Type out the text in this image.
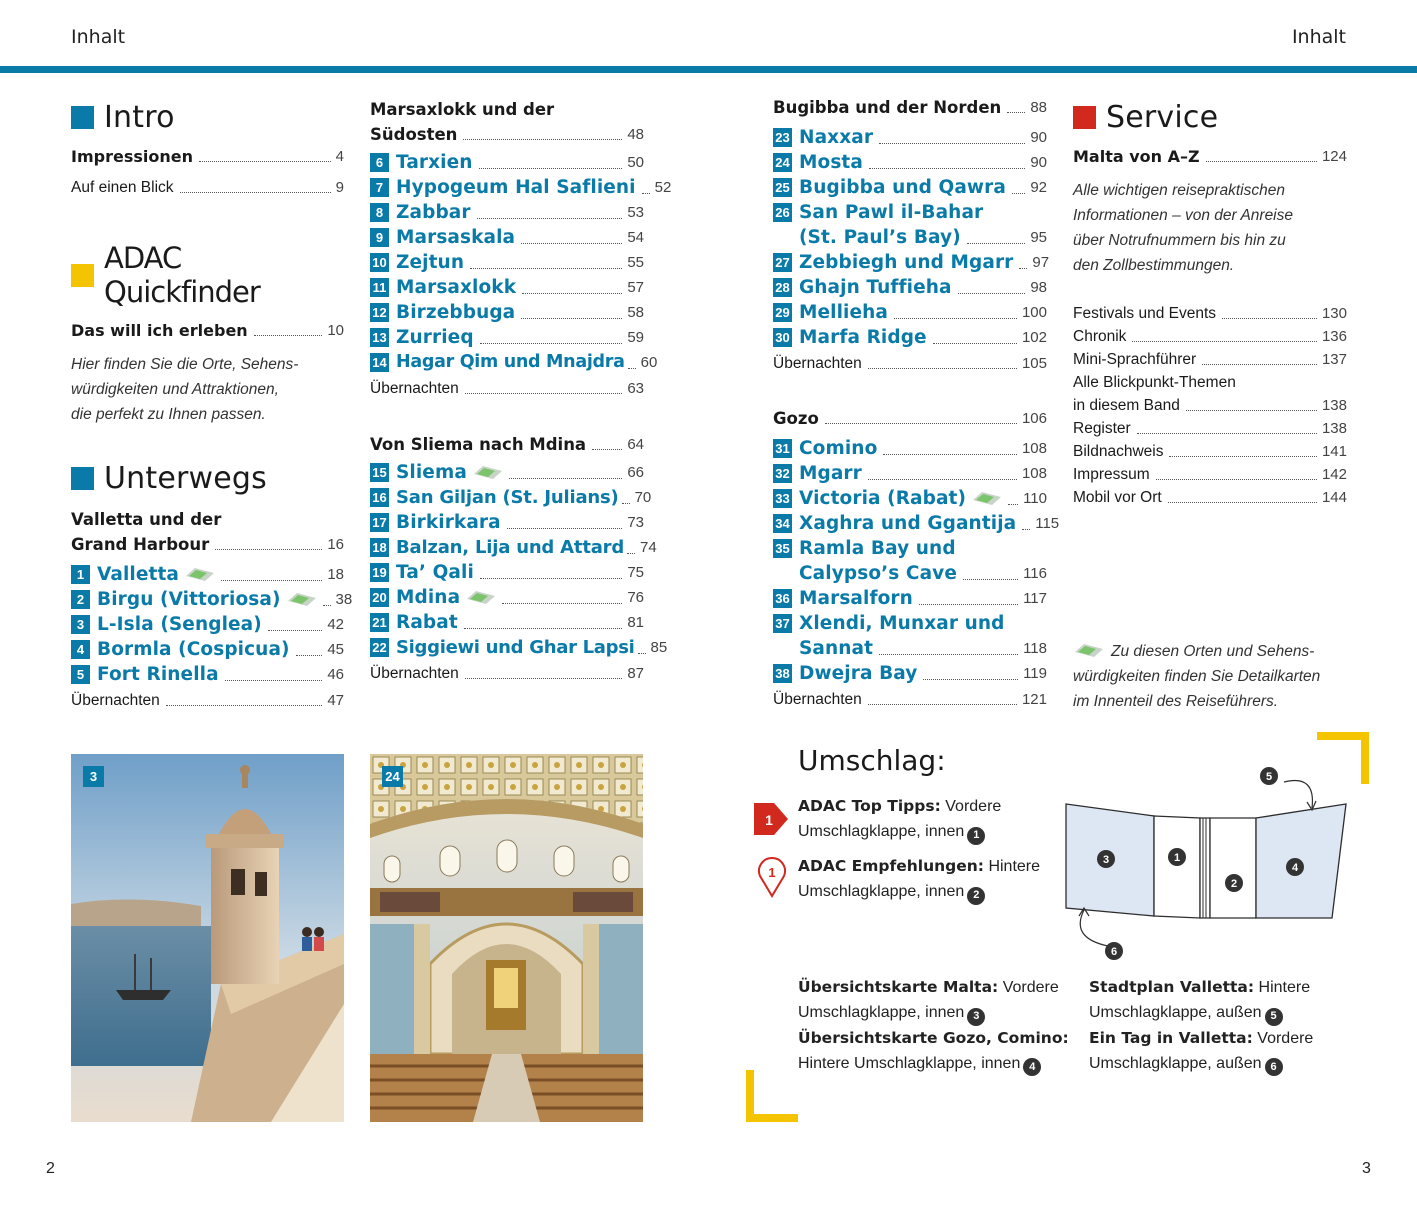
Inhalt	Inhalt
Intro
Impressionen	4
Auf einen Blick	9
ADAC Quickfinder
Das will ich erleben	10
Hier finden Sie die Orte, Sehens-
würdigkeiten und Attraktionen,
die perfekt zu Ihnen passen.
Unterwegs
Valletta und der
Grand Harbour	16
1 Valletta	18
2 Birgu (Vittoriosa)	38
3 L-Isla (Senglea)	42
4 Bormla (Cospicua)	45
5 Fort Rinella	46
Übernachten	47
Marsaxlokk und der
Südosten	48
6 Tarxien	50
7 Hypogeum Hal Saflieni 52
8 Zabbar	53
9 Marsaskala	54
10 Zejtun	55
11 Marsaxlokk	57
12 Birzebbuga	58
13 Zurrieq	59
14 Hagar Qim und Mnajdra 60
Übernachten	63
Von Sliema nach Mdina	64
15 Sliema	66
16 San Giljan (St. Julians) 70
17 Birkirkara	73
18 Balzan, Lija und Attard 74
19 Ta’ Qali	75
20 Mdina	76
21 Rabat	81
22 Siggiewi und Ghar Lapsi 85
Übernachten	87
Bugibba und der Norden 88
23 Naxxar	90
24 Mosta	90
25 Bugibba und Qawra 92
26 San Pawl il-Bahar
(St. Paul’s Bay)	95
27 Zebbiegh und Mgarr 97
28 Ghajn Tuffieha	98
29 Mellieha	100
30 Marfa Ridge	102
Übernachten	105
Gozo	106
31 Comino	108
32 Mgarr	108
33 Victoria (Rabat)	110
34 Xaghra und Ggantija 115
35 Ramla Bay und
Calypso’s Cave	116
36 Marsalforn	117
37 Xlendi, Munxar und
Sannat	118
38 Dwejra Bay	119
Übernachten	121
Service
Malta von A–Z	124
Alle wichtigen reisepraktischen
Informationen – von der Anreise
über Notrufnummern bis hin zu
den Zollbestimmungen.
Festivals und Events	130
Chronik	136
Mini-Sprachführer	137
Alle Blickpunkt-Themen
in diesem Band	138
Register	138
Bildnachweis	141
Impressum	142
Mobil vor Ort	144
Zu diesen Orten und Sehens-
würdigkeiten finden Sie Detailkarten
im Innenteil des Reiseführers.
3	24	Umschlag:
1
ADAC Top Tipps: Vordere
Umschlagklappe, innen 1
1 ADAC Empfehlungen: Hintere
Umschlagklappe, innen 2
1
2
3
4
5
6
Übersichtskarte Malta: Vordere
Umschlagklappe, innen 3
Übersichtskarte Gozo, Comino:
Hintere Umschlagklappe, innen 4
Stadtplan Valletta: Hintere
Umschlagklappe, außen 5
Ein Tag in Valletta: Vordere
Umschlagklappe, außen 6
2	3
